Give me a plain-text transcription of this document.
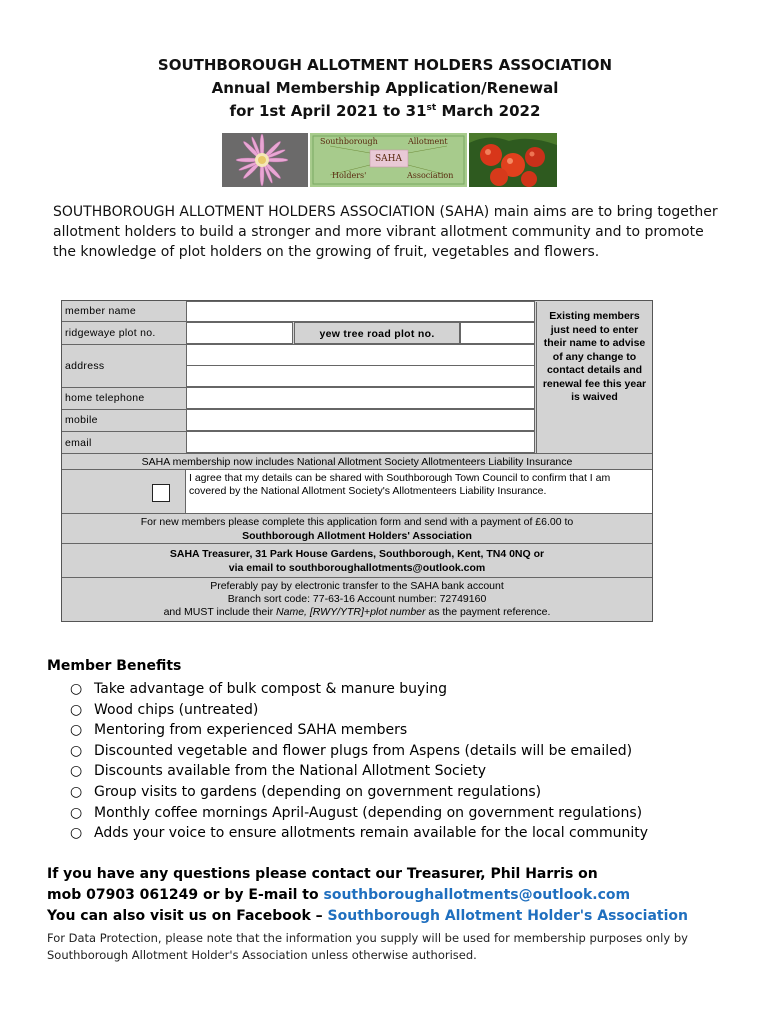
SOUTHBOROUGH ALLOTMENT HOLDERS ASSOCIATION
Annual Membership Application/Renewal
for 1st April 2021 to 31st March 2022
Southborough	Allotment
SAHA
Holders'	Association
SOUTHBOROUGH ALLOTMENT HOLDERS ASSOCIATION (SAHA) main aims are to bring together allotment holders to build a stronger and more vibrant allotment community and to promote the knowledge of plot holders on the growing of fruit, vegetables and flowers.
member name
ridgewaye plot no.	yew tree road plot no.
address
home telephone
mobile
email
Existing members just need to enter their name to advise of any change to contact details and renewal fee this year is waived
SAHA membership now includes National Allotment Society Allotmenteers Liability Insurance
I agree that my details can be shared with Southborough Town Council to confirm that I am covered by the National Allotment Society's Allotmenteers Liability Insurance.
For new members please complete this application form and send with a payment of £6.00 to
Southborough Allotment Holders' Association
SAHA Treasurer, 31 Park House Gardens, Southborough, Kent, TN4 0NQ or
via email to southboroughallotments@outlook.com
Preferably pay by electronic transfer to the SAHA bank account
Branch sort code: 77-63-16 Account number: 72749160
and MUST include their Name, [RWY/YTR]+plot number as the payment reference.
Member Benefits
○ Take advantage of bulk compost & manure buying
○ Wood chips (untreated)
○ Mentoring from experienced SAHA members
○ Discounted vegetable and flower plugs from Aspens (details will be emailed)
○ Discounts available from the National Allotment Society
○ Group visits to gardens (depending on government regulations)
○ Monthly coffee mornings April-August (depending on government regulations)
○ Adds your voice to ensure allotments remain available for the local community
If you have any questions please contact our Treasurer, Phil Harris on
mob 07903 061249 or by E-mail to southboroughallotments@outlook.com
You can also visit us on Facebook – Southborough Allotment Holder's Association
For Data Protection, please note that the information you supply will be used for membership purposes only by Southborough Allotment Holder's Association unless otherwise authorised.
